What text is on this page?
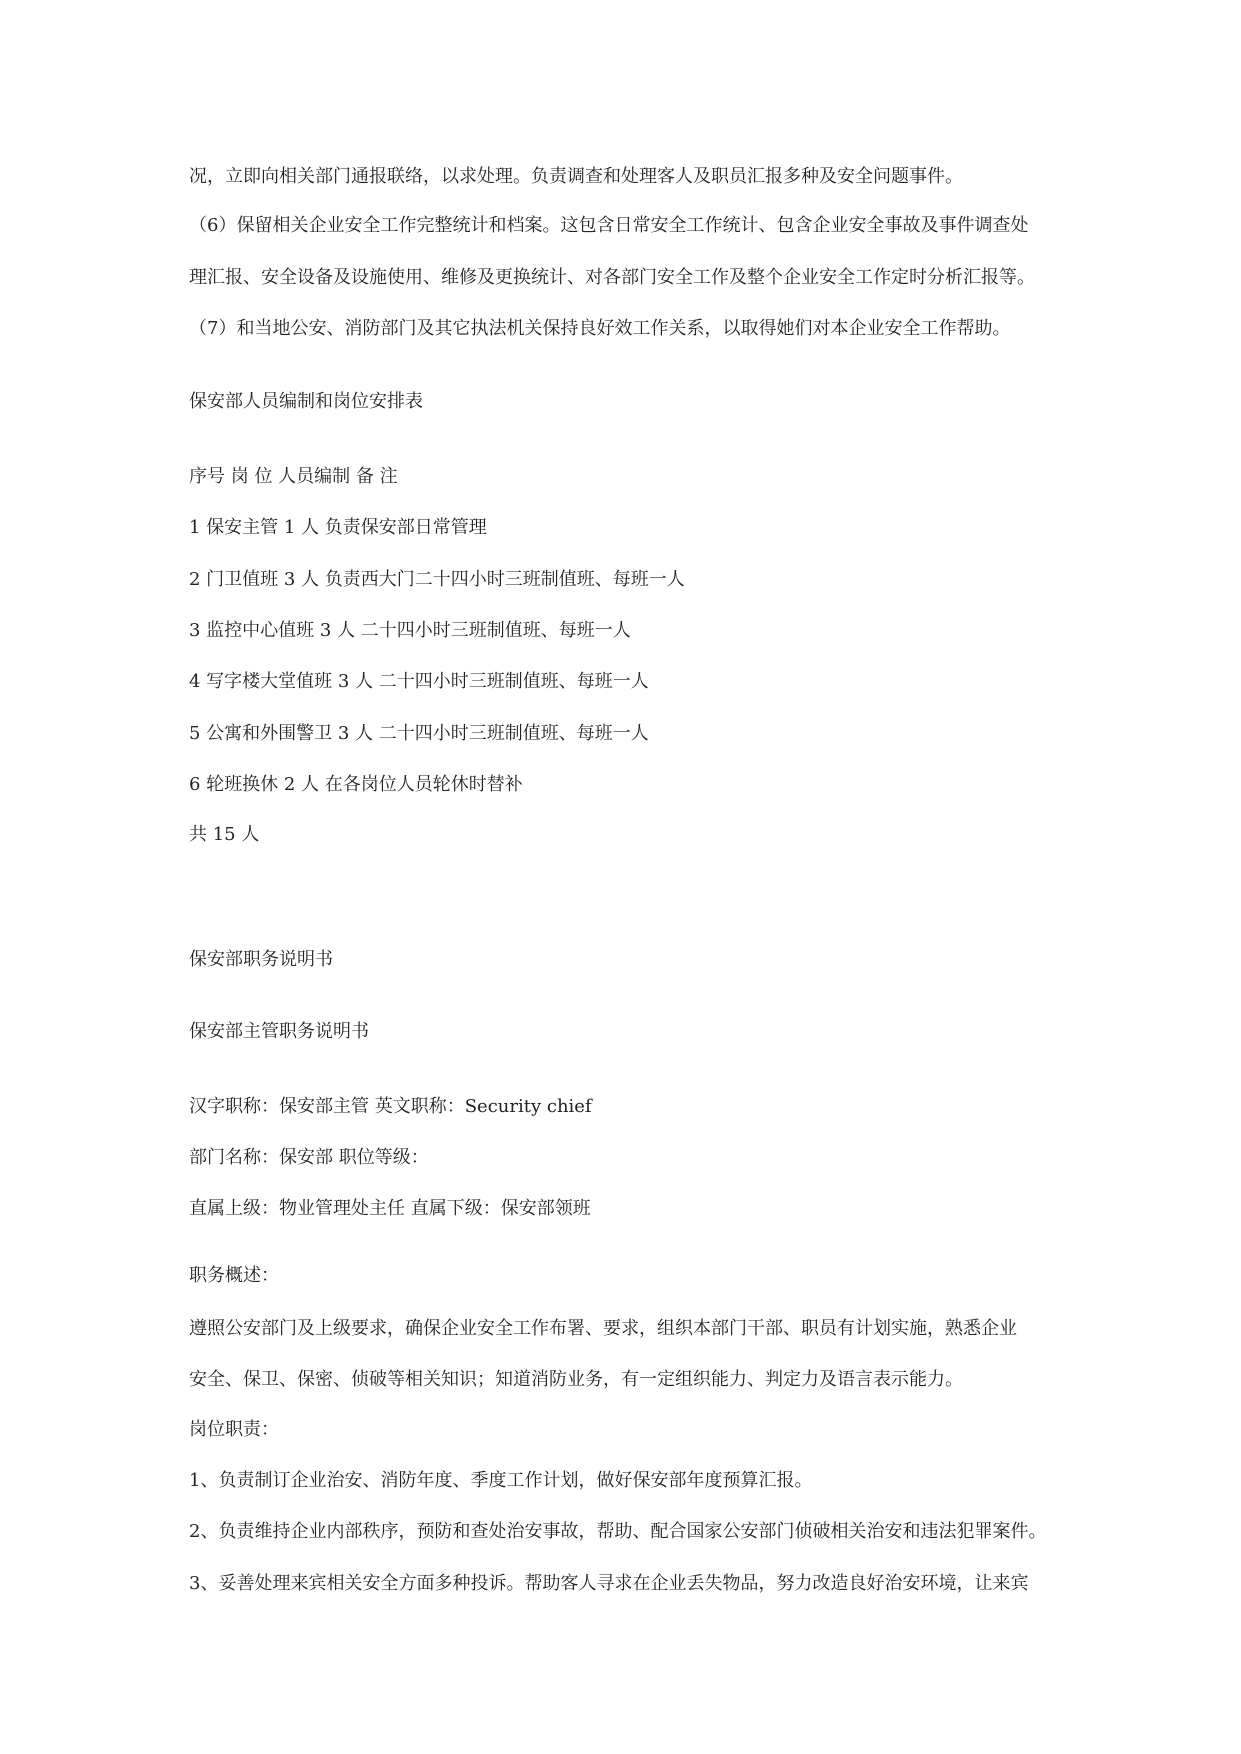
况，立即向相关部门通报联络，以求处理。负责调查和处理客人及职员汇报多种及安全问题事件。
（6）保留相关企业安全工作完整统计和档案。这包含日常安全工作统计、包含企业安全事故及事件调查处
理汇报、安全设备及设施使用、维修及更换统计、对各部门安全工作及整个企业安全工作定时分析汇报等。
（7）和当地公安、消防部门及其它执法机关保持良好效工作关系，以取得她们对本企业安全工作帮助。
保安部人员编制和岗位安排表
序号 岗 位 人员编制 备 注
1 保安主管 1 人 负责保安部日常管理
2 门卫值班 3 人 负责西大门二十四小时三班制值班、每班一人
3 监控中心值班 3 人 二十四小时三班制值班、每班一人
4 写字楼大堂值班 3 人 二十四小时三班制值班、每班一人
5 公寓和外围警卫 3 人 二十四小时三班制值班、每班一人
6 轮班换休 2 人 在各岗位人员轮休时替补
共 15 人
保安部职务说明书
保安部主管职务说明书
汉字职称：保安部主管 英文职称：Security chief
部门名称：保安部 职位等级：
直属上级：物业管理处主任 直属下级：保安部领班
职务概述：
遵照公安部门及上级要求，确保企业安全工作布署、要求，组织本部门干部、职员有计划实施，熟悉企业
安全、保卫、保密、侦破等相关知识；知道消防业务，有一定组织能力、判定力及语言表示能力。
岗位职责：
1、负责制订企业治安、消防年度、季度工作计划，做好保安部年度预算汇报。
2、负责维持企业内部秩序，预防和查处治安事故，帮助、配合国家公安部门侦破相关治安和违法犯罪案件。
3、妥善处理来宾相关安全方面多种投诉。帮助客人寻求在企业丢失物品，努力改造良好治安环境，让来宾
